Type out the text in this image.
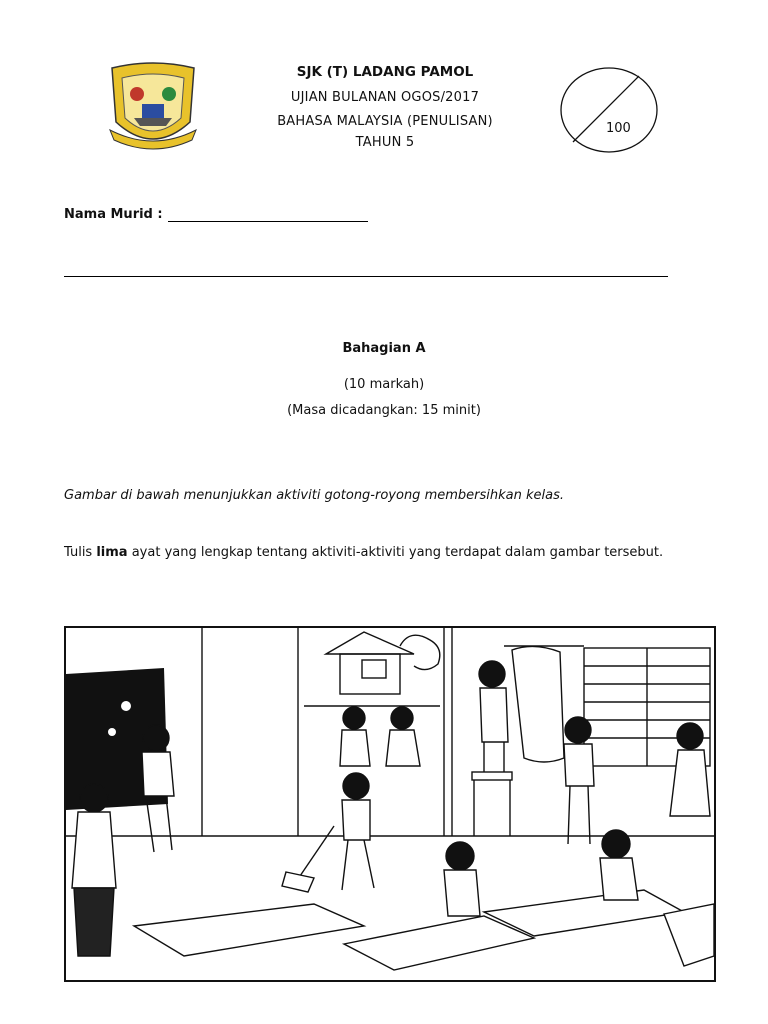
SJK (T) LADANG PAMOL
UJIAN BULANAN OGOS/2017
BAHASA MALAYSIA (PENULISAN)
TAHUN 5
100
Nama Murid :
Bahagian A
(10 markah)
(Masa dicadangkan: 15 minit)
Gambar di bawah menunjukkan aktiviti gotong-royong membersihkan kelas.
Tulis lima ayat yang lengkap tentang aktiviti-aktiviti yang terdapat dalam gambar tersebut.
